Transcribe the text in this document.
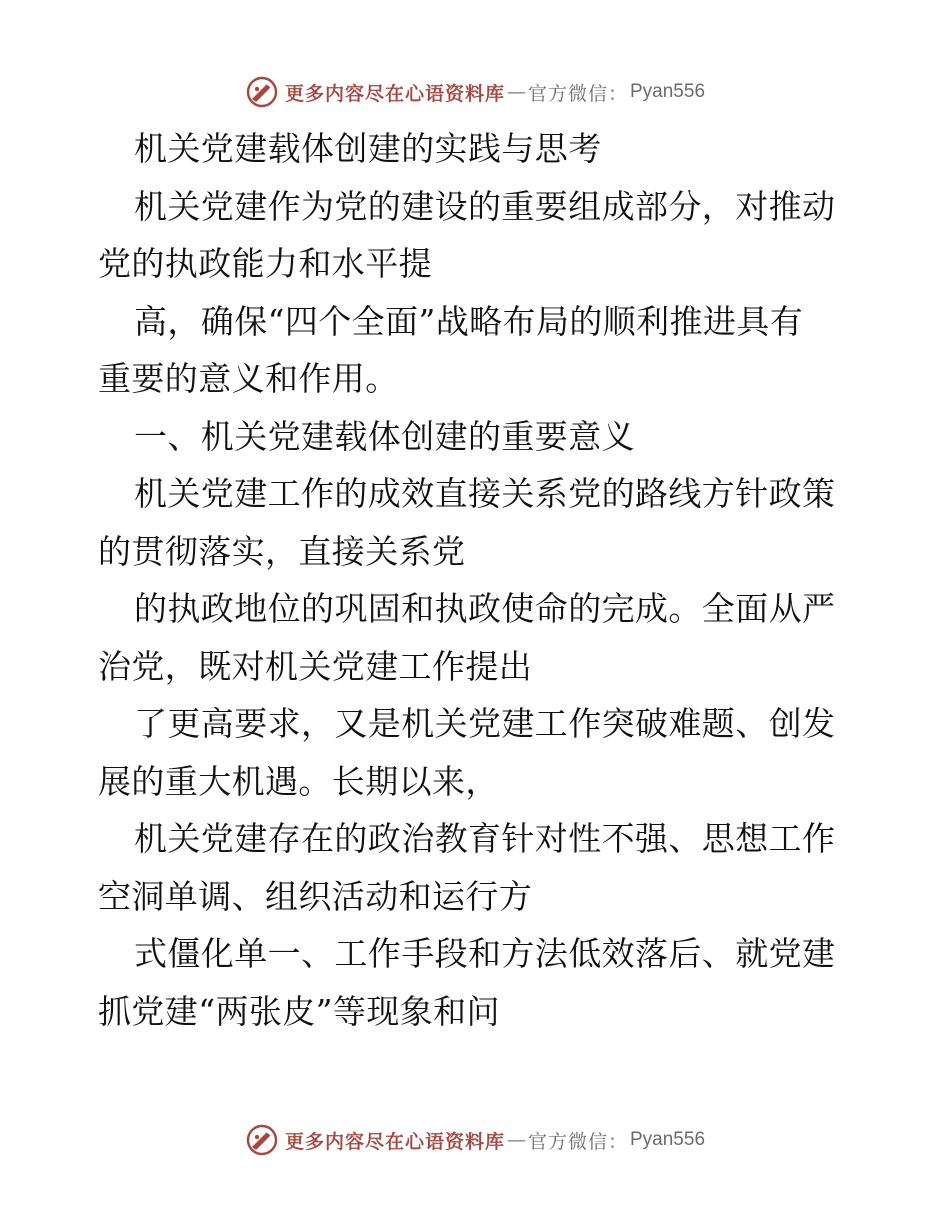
更多内容尽在心语资料库 — 官方微信： Pyan556
机关党建载体创建的实践与思考
机关党建作为党的建设的重要组成部分，对推动
党的执政能力和水平提
高，确保“四个全面”战略布局的顺利推进具有
重要的意义和作用。
一、机关党建载体创建的重要意义
机关党建工作的成效直接关系党的路线方针政策
的贯彻落实，直接关系党
的执政地位的巩固和执政使命的完成。全面从严
治党，既对机关党建工作提出
了更高要求，又是机关党建工作突破难题、创发
展的重大机遇。长期以来，
机关党建存在的政治教育针对性不强、思想工作
空洞单调、组织活动和运行方
式僵化单一、工作手段和方法低效落后、就党建
抓党建“两张皮”等现象和问
更多内容尽在心语资料库 — 官方微信： Pyan556
